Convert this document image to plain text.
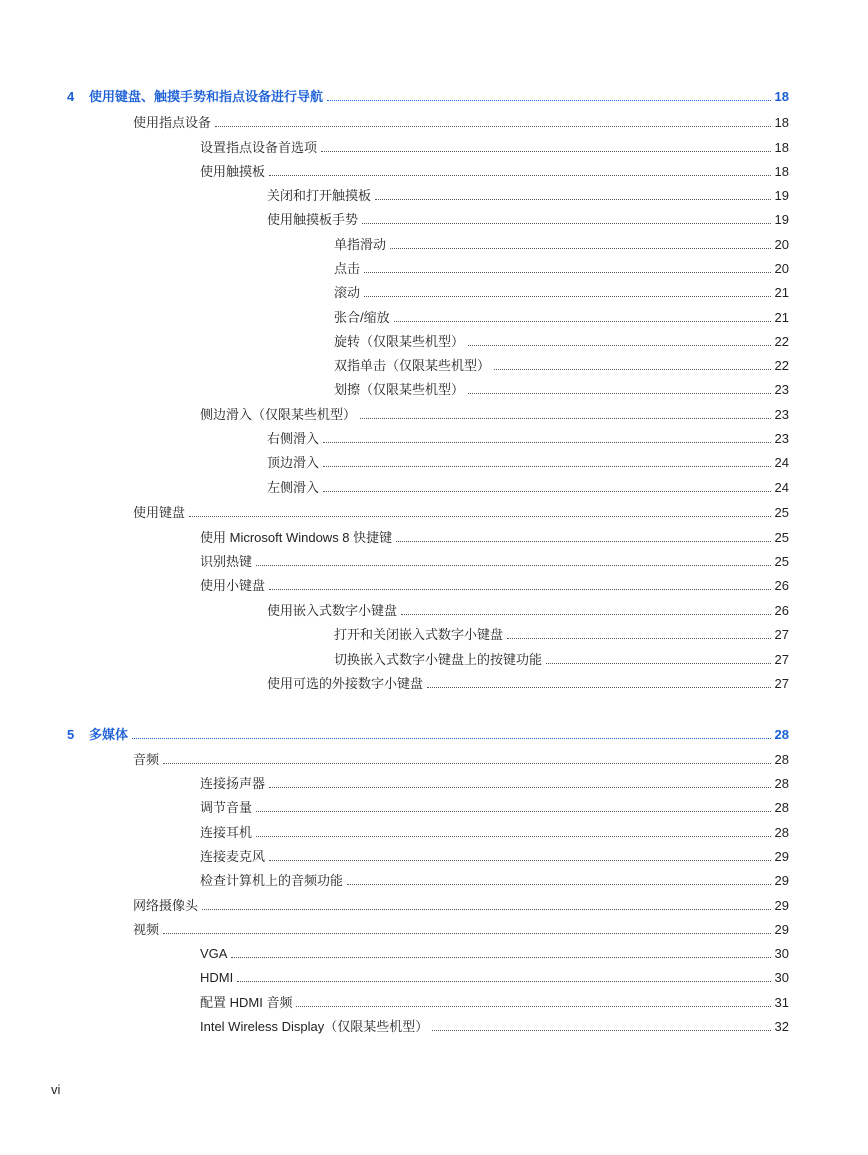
4	使用键盘、触摸手势和指点设备进行导航	18
使用指点设备	18
设置指点设备首选项	18
使用触摸板	18
关闭和打开触摸板	19
使用触摸板手势	19
单指滑动	20
点击	20
滚动	21
张合/缩放	21
旋转（仅限某些机型）	22
双指单击（仅限某些机型）	22
划擦（仅限某些机型）	23
侧边滑入（仅限某些机型）	23
右侧滑入	23
顶边滑入	24
左侧滑入	24
使用键盘	25
使用 Microsoft Windows 8 快捷键	25
识别热键	25
使用小键盘	26
使用嵌入式数字小键盘	26
打开和关闭嵌入式数字小键盘	27
切换嵌入式数字小键盘上的按键功能	27
使用可选的外接数字小键盘	27
5	多媒体	28
音频	28
连接扬声器	28
调节音量	28
连接耳机	28
连接麦克风	29
检查计算机上的音频功能	29
网络摄像头	29
视频	29
VGA	30
HDMI	30
配置 HDMI 音频	31
Intel Wireless Display（仅限某些机型）	32
vi
